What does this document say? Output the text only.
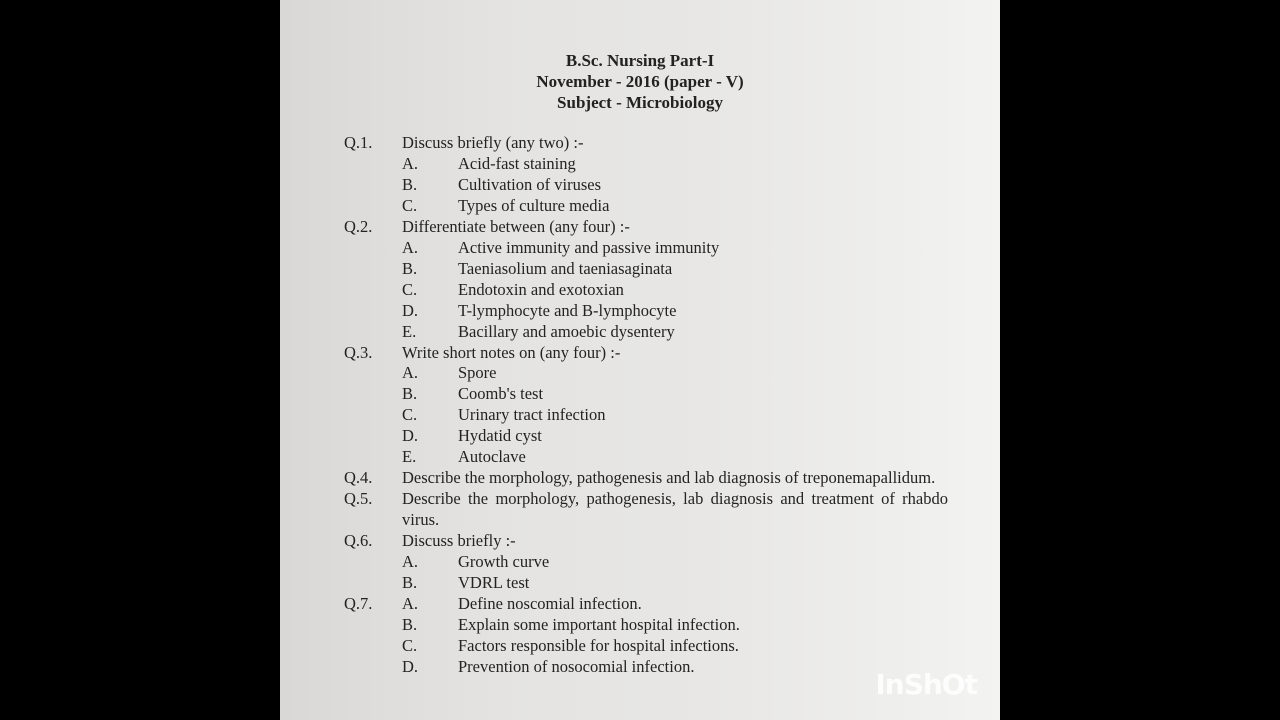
B.Sc. Nursing Part-I
November - 2016 (paper - V)
Subject - Microbiology
Q.1. Discuss briefly (any two) :-
A. Acid-fast staining
B. Cultivation of viruses
C. Types of culture media
Q.2. Differentiate between (any four) :-
A. Active immunity and passive immunity
B. Taeniasolium and taeniasaginata
C. Endotoxin and exotoxian
D. T-lymphocyte and B-lymphocyte
E.	Bacillary and amoebic dysentery
Q.3. Write short notes on (any four) :-
A. Spore
B. Coomb's test
C. Urinary tract infection
D. Hydatid cyst
E.	Autoclave
Q.4. Describe the morphology, pathogenesis and lab diagnosis of treponemapallidum.
Q.5. Describe the morphology, pathogenesis, lab diagnosis and treatment of rhabdo virus.
Q.6. Discuss briefly :-
A. Growth curve
B. VDRL test
Q.7. A. Define noscomial infection.
B. Explain some important hospital infection.
C. Factors responsible for hospital infections.
D. Prevention of nosocomial infection.
InShOt
